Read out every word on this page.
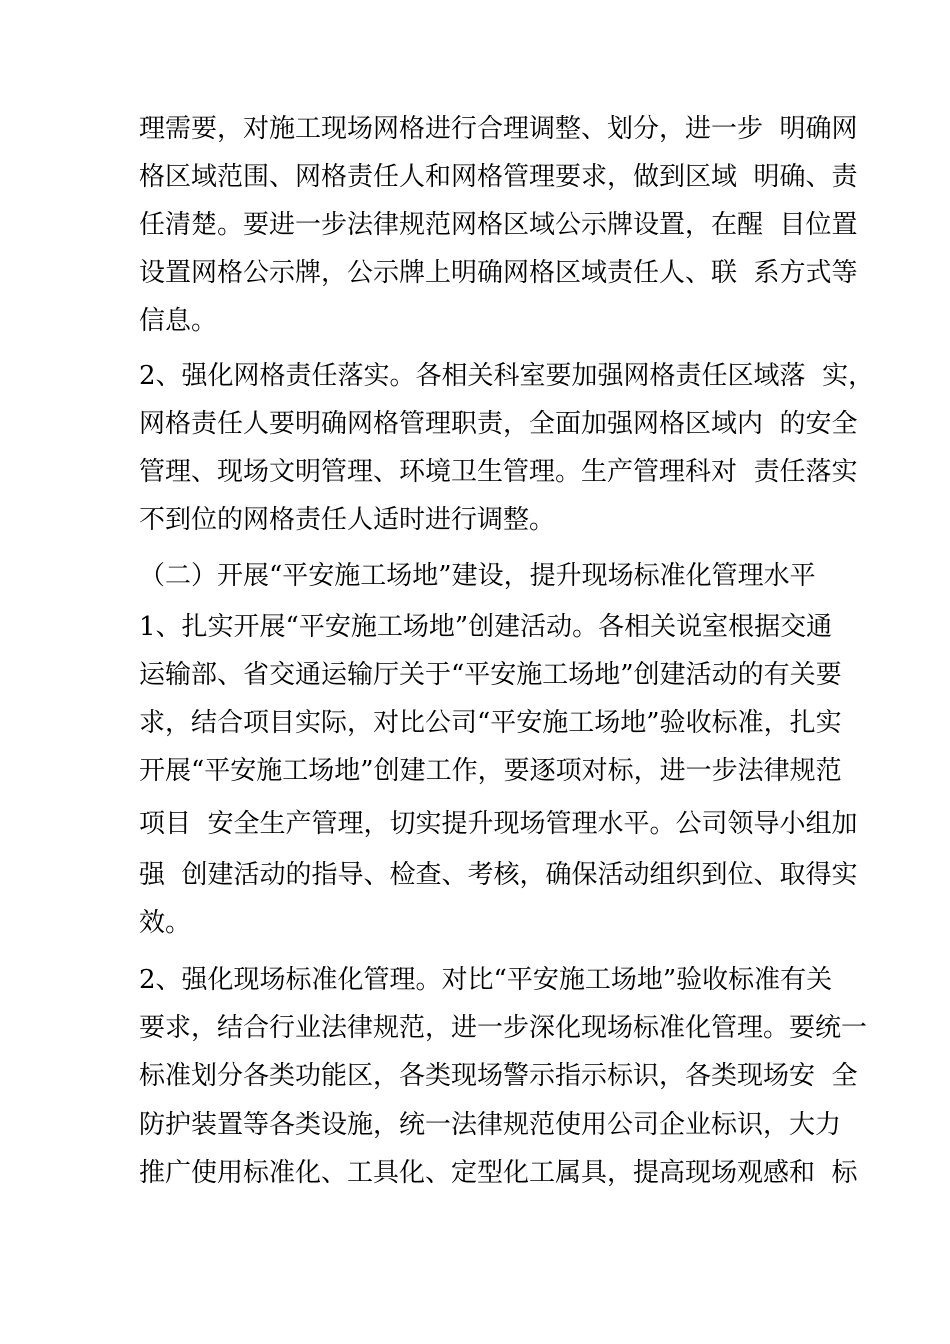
理需要，对施工现场网格进行合理调整、划分，进一步  明确网
格区域范围、网格责任人和网格管理要求，做到区域  明确、责
任清楚。要进一步法律规范网格区域公示牌设置，在醒  目位置
设置网格公示牌，公示牌上明确网格区域责任人、联  系方式等
信息。
2、强化网格责任落实。各相关科室要加强网格责任区域落  实，
网格责任人要明确网格管理职责，全面加强网格区域内  的安全
管理、现场文明管理、环境卫生管理。生产管理科对  责任落实
不到位的网格责任人适时进行调整。
（二）开展“平安施工场地”建设，提升现场标准化管理水平
1、扎实开展“平安施工场地”创建活动。各相关说室根据交通
运输部、省交通运输厅关于“平安施工场地”创建活动的有关要
求，结合项目实际，对比公司“平安施工场地”验收标准，扎实
开展“平安施工场地”创建工作，要逐项对标，进一步法律规范
项目  安全生产管理，切实提升现场管理水平。公司领导小组加
强  创建活动的指导、检查、考核，确保活动组织到位、取得实
效。
2、强化现场标准化管理。对比“平安施工场地”验收标准有关
要求，结合行业法律规范，进一步深化现场标准化管理。要统一
标准划分各类功能区，各类现场警示指示标识，各类现场安  全
防护装置等各类设施，统一法律规范使用公司企业标识，大力
推广使用标准化、工具化、定型化工属具，提高现场观感和  标
